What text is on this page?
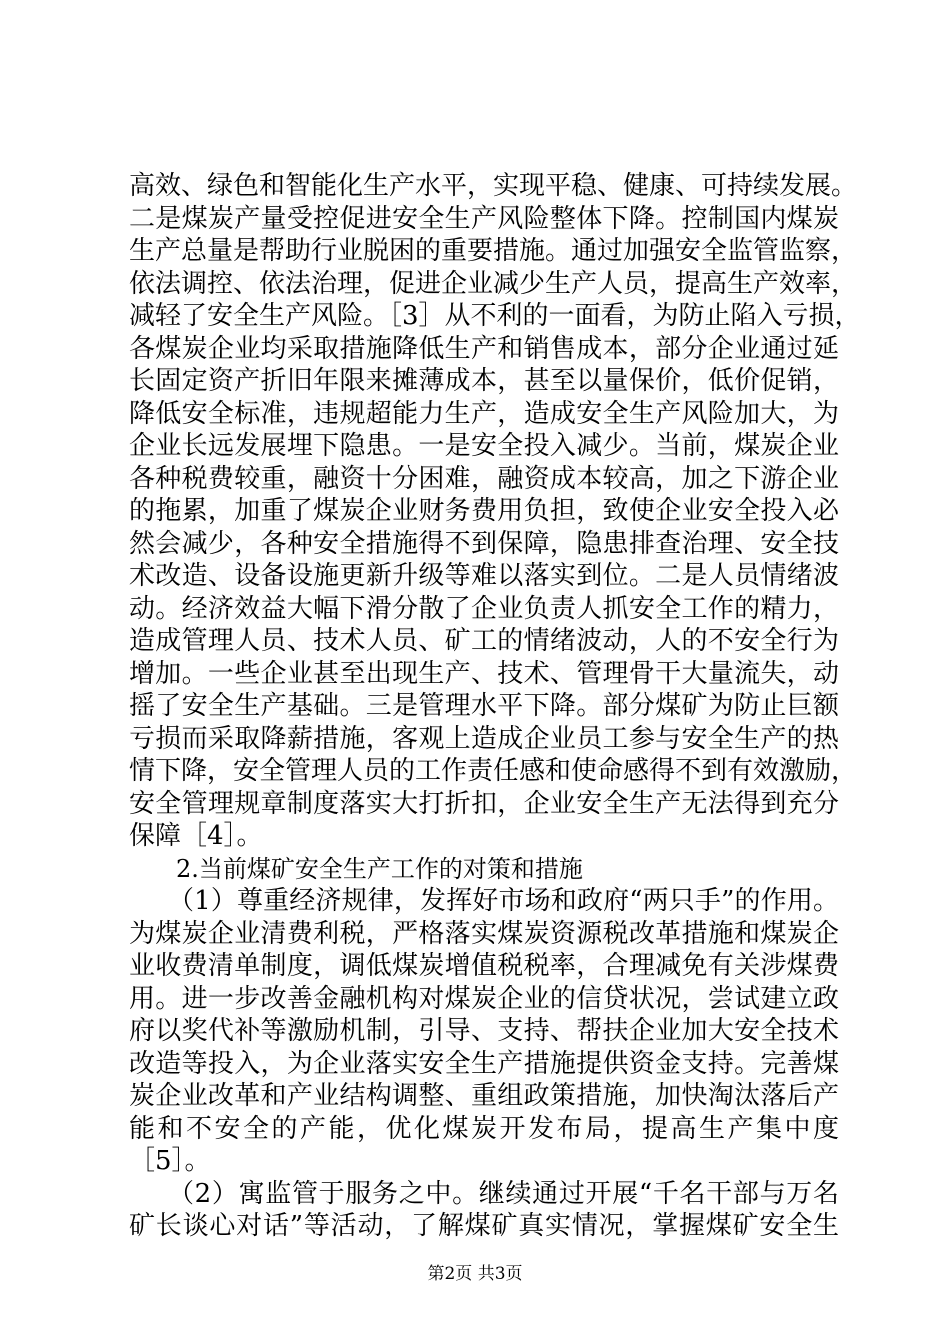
高效、绿色和智能化生产水平，实现平稳、健康、可持续发展。
二是煤炭产量受控促进安全生产风险整体下降。控制国内煤炭
生产总量是帮助行业脱困的重要措施。通过加强安全监管监察，
依法调控、依法治理，促进企业减少生产人员，提高生产效率，
减轻了安全生产风险。［3］从不利的一面看，为防止陷入亏损，
各煤炭企业均采取措施降低生产和销售成本，部分企业通过延
长固定资产折旧年限来摊薄成本，甚至以量保价，低价促销，
降低安全标准，违规超能力生产，造成安全生产风险加大，为
企业长远发展埋下隐患。一是安全投入减少。当前，煤炭企业
各种税费较重，融资十分困难，融资成本较高，加之下游企业
的拖累，加重了煤炭企业财务费用负担，致使企业安全投入必
然会减少，各种安全措施得不到保障，隐患排查治理、安全技
术改造、设备设施更新升级等难以落实到位。二是人员情绪波
动。经济效益大幅下滑分散了企业负责人抓安全工作的精力，
造成管理人员、技术人员、矿工的情绪波动，人的不安全行为
增加。一些企业甚至出现生产、技术、管理骨干大量流失，动
摇了安全生产基础。三是管理水平下降。部分煤矿为防止巨额
亏损而采取降薪措施，客观上造成企业员工参与安全生产的热
情下降，安全管理人员的工作责任感和使命感得不到有效激励，
安全管理规章制度落实大打折扣，企业安全生产无法得到充分
保障［4］。
2.当前煤矿安全生产工作的对策和措施
（1）尊重经济规律，发挥好市场和政府“两只手”的作用。
为煤炭企业清费利税，严格落实煤炭资源税改革措施和煤炭企
业收费清单制度，调低煤炭增值税税率，合理减免有关涉煤费
用。进一步改善金融机构对煤炭企业的信贷状况，尝试建立政
府以奖代补等激励机制，引导、支持、帮扶企业加大安全技术
改造等投入，为企业落实安全生产措施提供资金支持。完善煤
炭企业改革和产业结构调整、重组政策措施，加快淘汰落后产
能和不安全的产能，优化煤炭开发布局，提高生产集中度
［5］。
（2）寓监管于服务之中。继续通过开展“千名干部与万名
矿长谈心对话”等活动，了解煤矿真实情况，掌握煤矿安全生
第2页 共3页
